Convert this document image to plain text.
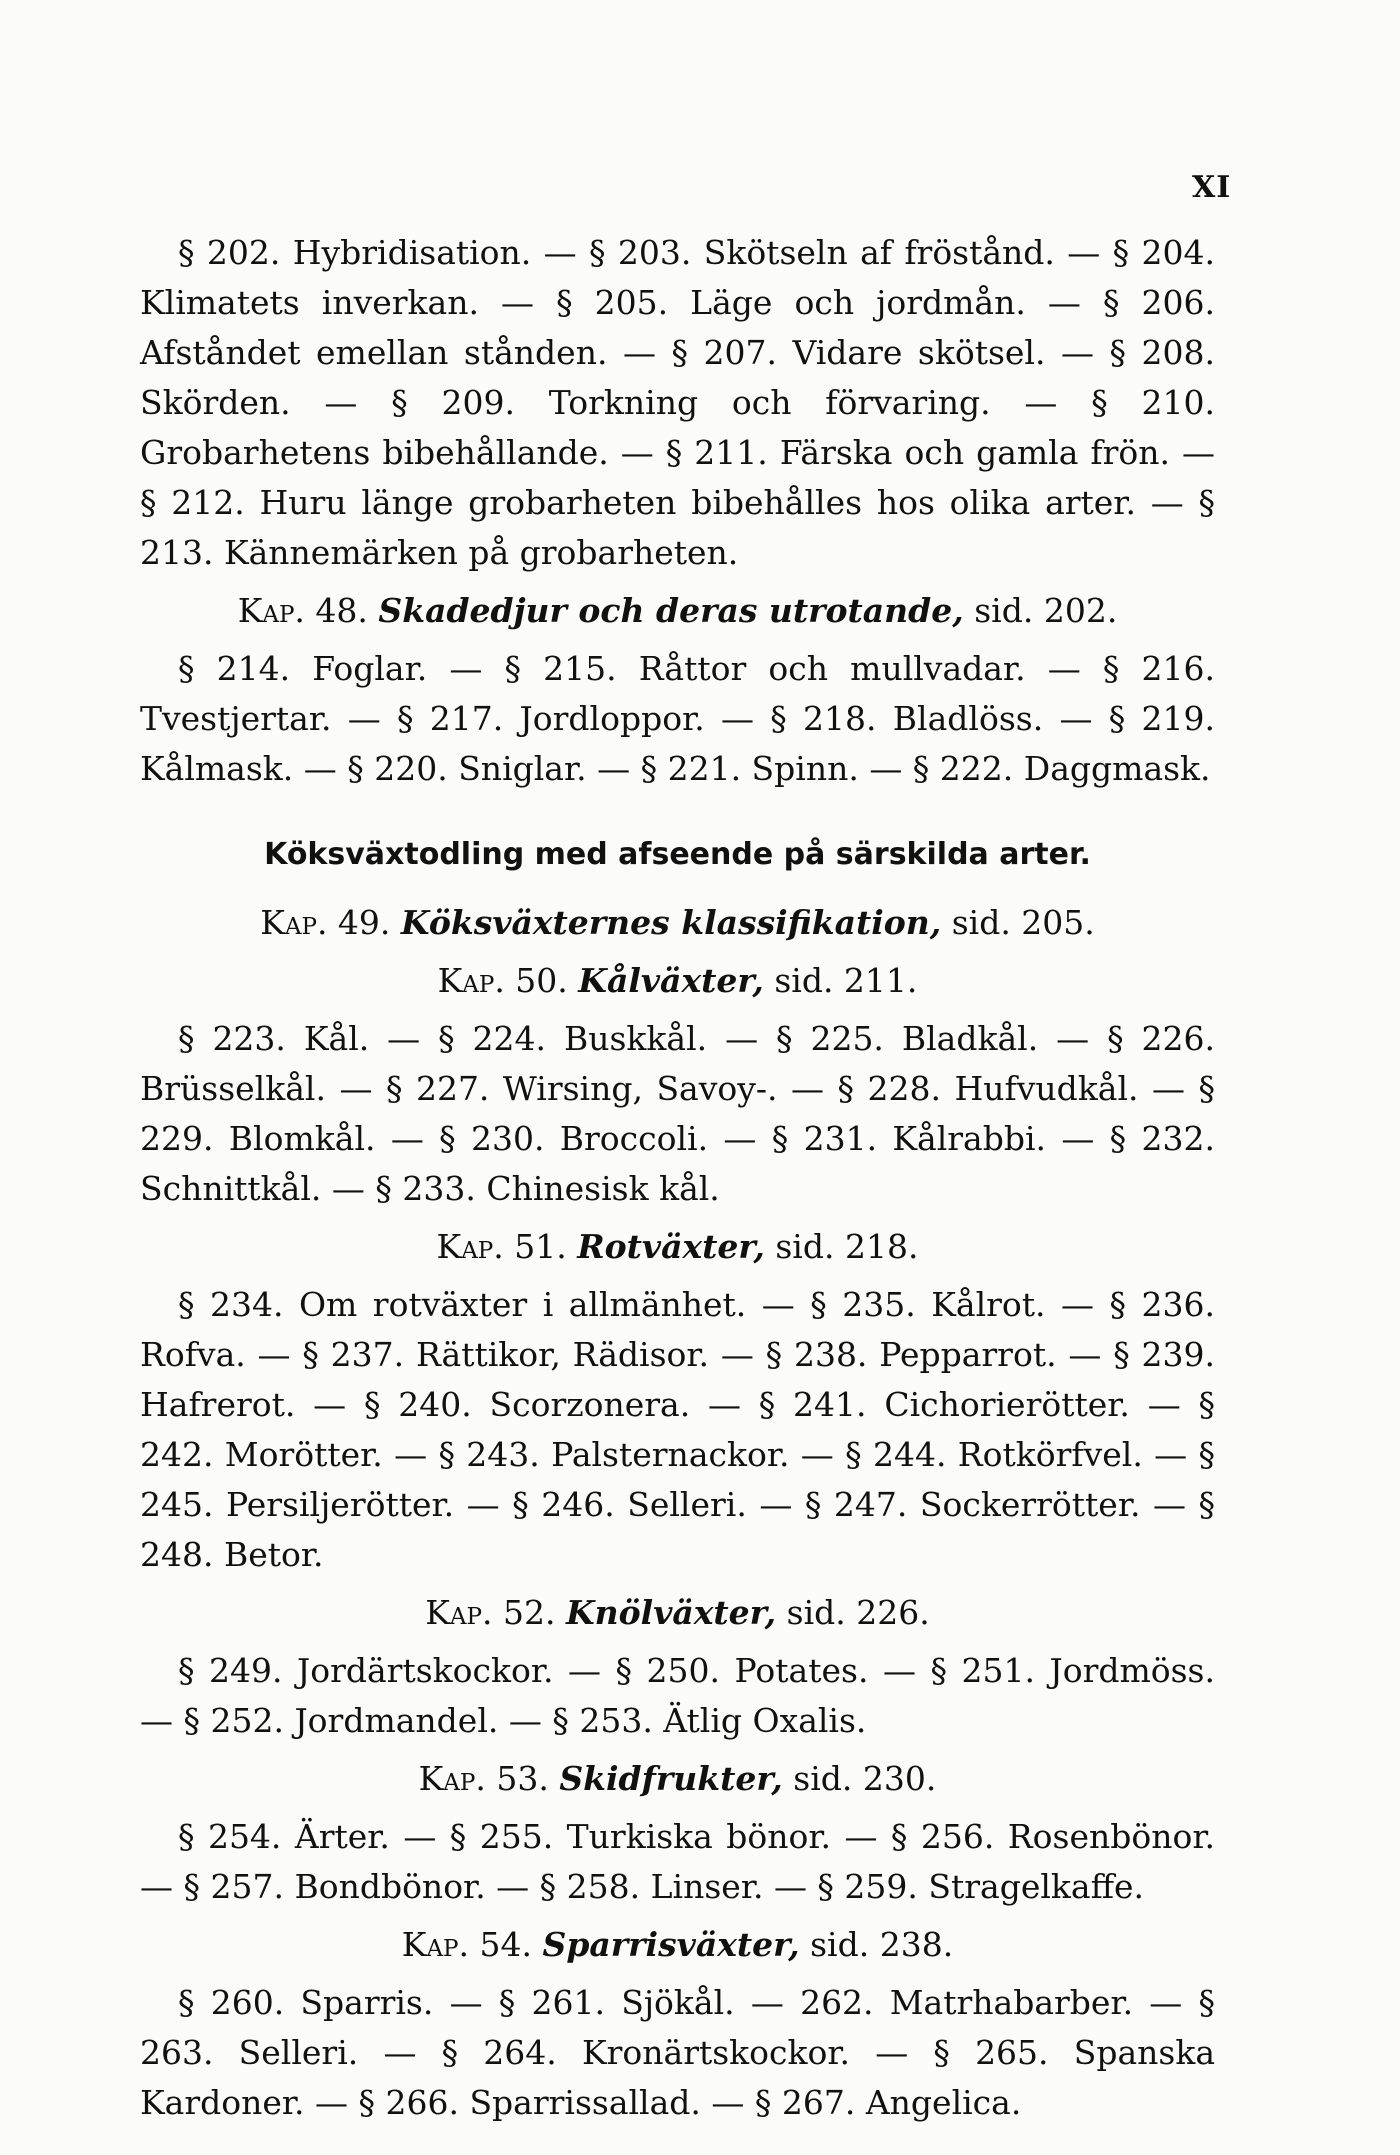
XI

§ 202. Hybridisation. — § 203. Skötseln af fröstånd. — § 204. Klimatets inverkan. — § 205. Läge och jordmån. — § 206. Afståndet emellan stånden. — § 207. Vidare skötsel. — § 208. Skörden. — § 209. Torkning och förvaring. — § 210. Grobarhetens bibehållande. — § 211. Färska och gamla frön. — § 212. Huru länge grobarheten bibehålles hos olika arter. — § 213. Kännemärken på grobarheten.

Kap. 48. Skadedjur och deras utrotande, sid. 202.

§ 214. Foglar. — § 215. Råttor och mullvadar. — § 216. Tvestjertar. — § 217. Jordloppor. — § 218. Bladlöss. — § 219. Kålmask. — § 220. Sniglar. — § 221. Spinn. — § 222. Daggmask.

Köksväxtodling med afseende på särskilda arter.
Kap. 49. Köksväxternes klassifikation, sid. 205.
Kap. 50. Kålväxter, sid. 211.

§ 223. Kål. — § 224. Buskkål. — § 225. Bladkål. — § 226. Brüsselkål. — § 227. Wirsing, Savoy-. — § 228. Hufvudkål. — § 229. Blomkål. — § 230. Broccoli. — § 231. Kålrabbi. — § 232. Schnittkål. — § 233. Chinesisk kål.

Kap. 51. Rotväxter, sid. 218.

§ 234. Om rotväxter i allmänhet. — § 235. Kålrot. — § 236. Rofva. — § 237. Rättikor, Rädisor. — § 238. Pepparrot. — § 239. Hafrerot. — § 240. Scorzonera. — § 241. Cichorierötter. — § 242. Morötter. — § 243. Palsternackor. — § 244. Rotkörfvel. — § 245. Persiljerötter. — § 246. Selleri. — § 247. Sockerrötter. — § 248. Betor.

Kap. 52. Knölväxter, sid. 226.

§ 249. Jordärtskockor. — § 250. Potates. — § 251. Jordmöss. — § 252. Jordmandel. — § 253. Ätlig Oxalis.

Kap. 53. Skidfrukter, sid. 230.

§ 254. Ärter. — § 255. Turkiska bönor. — § 256. Rosenbönor. — § 257. Bondbönor. — § 258. Linser. — § 259. Stragelkaffe.

Kap. 54. Sparrisväxter, sid. 238.

§ 260. Sparris. — § 261. Sjökål. — 262. Matrhabarber. — § 263. Selleri. — § 264. Kronärtskockor. — § 265. Spanska Kardoner. — § 266. Sparrissallad. — § 267. Angelica.
